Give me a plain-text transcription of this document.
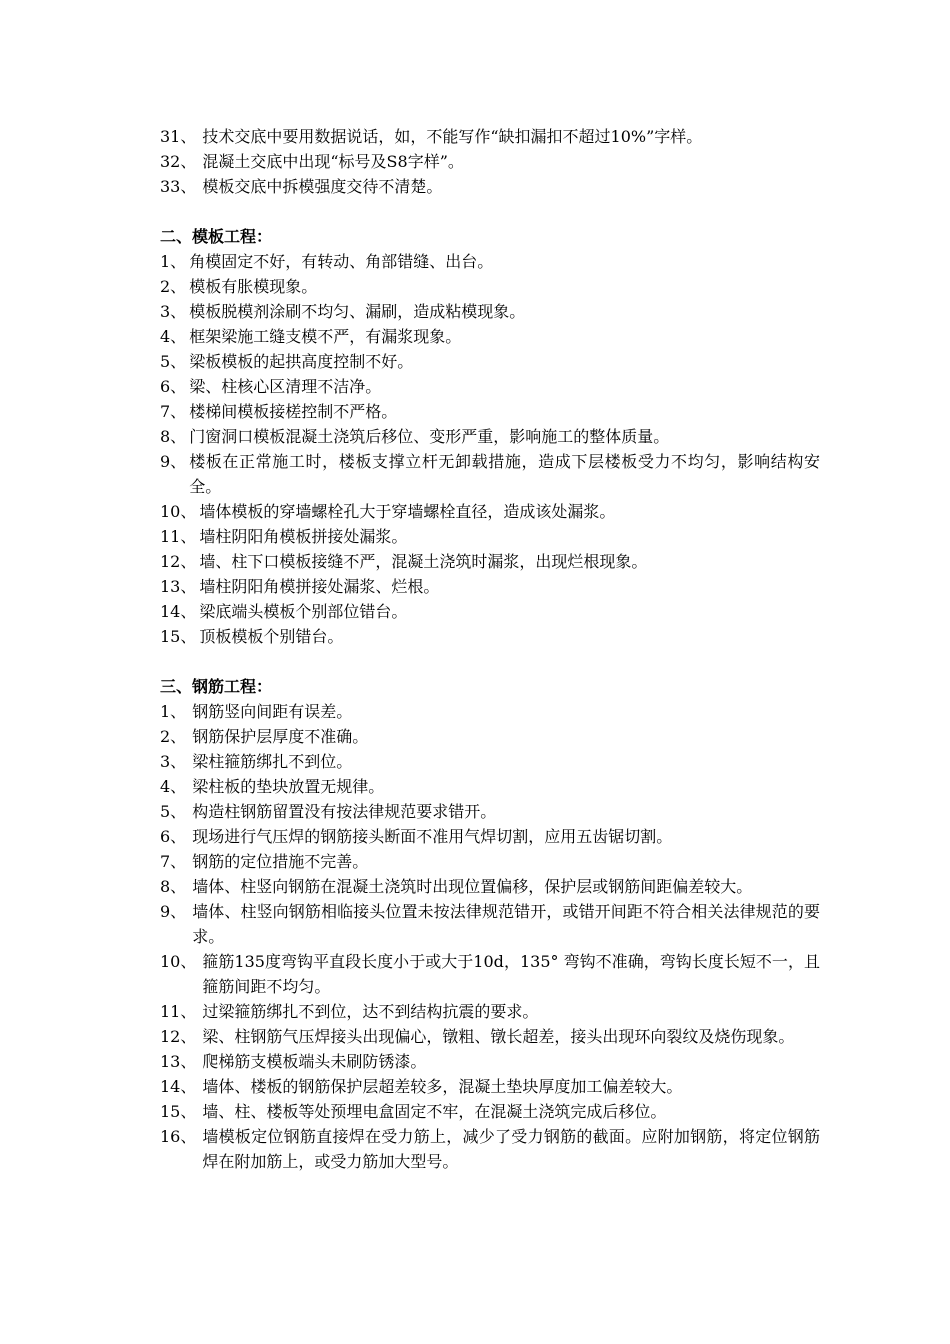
31、 技术交底中要用数据说话，如，不能写作“缺扣漏扣不超过10%”字样。
32、 混凝土交底中出现“标号及S8字样”。
33、 模板交底中拆模强度交待不清楚。

二、模板工程：

1、 角模固定不好，有转动、角部错缝、出台。
2、 模板有胀模现象。
3、 模板脱模剂涂刷不均匀、漏刷，造成粘模现象。
4、 框架梁施工缝支模不严，有漏浆现象。
5、 梁板模板的起拱高度控制不好。
6、 梁、柱核心区清理不洁净。
7、 楼梯间模板接槎控制不严格。
8、 门窗洞口模板混凝土浇筑后移位、变形严重，影响施工的整体质量。
9、 楼板在正常施工时，楼板支撑立杆无卸载措施，造成下层楼板受力不均匀，影响结构安全。
10、 墙体模板的穿墙螺栓孔大于穿墙螺栓直径，造成该处漏浆。
11、 墙柱阴阳角模板拼接处漏浆。
12、 墙、柱下口模板接缝不严，混凝土浇筑时漏浆，出现烂根现象。
13、 墙柱阴阳角模拼接处漏浆、烂根。
14、 梁底端头模板个别部位错台。
15、 顶板模板个别错台。

三、钢筋工程：

1、 钢筋竖向间距有误差。
2、 钢筋保护层厚度不准确。
3、 梁柱箍筋绑扎不到位。
4、 梁柱板的垫块放置无规律。
5、 构造柱钢筋留置没有按法律规范要求错开。
6、 现场进行气压焊的钢筋接头断面不准用气焊切割，应用五齿锯切割。
7、 钢筋的定位措施不完善。
8、 墙体、柱竖向钢筋在混凝土浇筑时出现位置偏移，保护层或钢筋间距偏差较大。
9、 墙体、柱竖向钢筋相临接头位置未按法律规范错开，或错开间距不符合相关法律规范的要求。
10、 箍筋135度弯钩平直段长度小于或大于10d，135° 弯钩不准确，弯钩长度长短不一，且箍筋间距不均匀。
11、 过梁箍筋绑扎不到位，达不到结构抗震的要求。
12、 梁、柱钢筋气压焊接头出现偏心，镦粗、镦长超差，接头出现环向裂纹及烧伤现象。
13、 爬梯筋支模板端头未刷防锈漆。
14、 墙体、楼板的钢筋保护层超差较多，混凝土垫块厚度加工偏差较大。
15、 墙、柱、楼板等处预埋电盒固定不牢，在混凝土浇筑完成后移位。
16、 墙模板定位钢筋直接焊在受力筋上，减少了受力钢筋的截面。应附加钢筋，将定位钢筋焊在附加筋上，或受力筋加大型号。
